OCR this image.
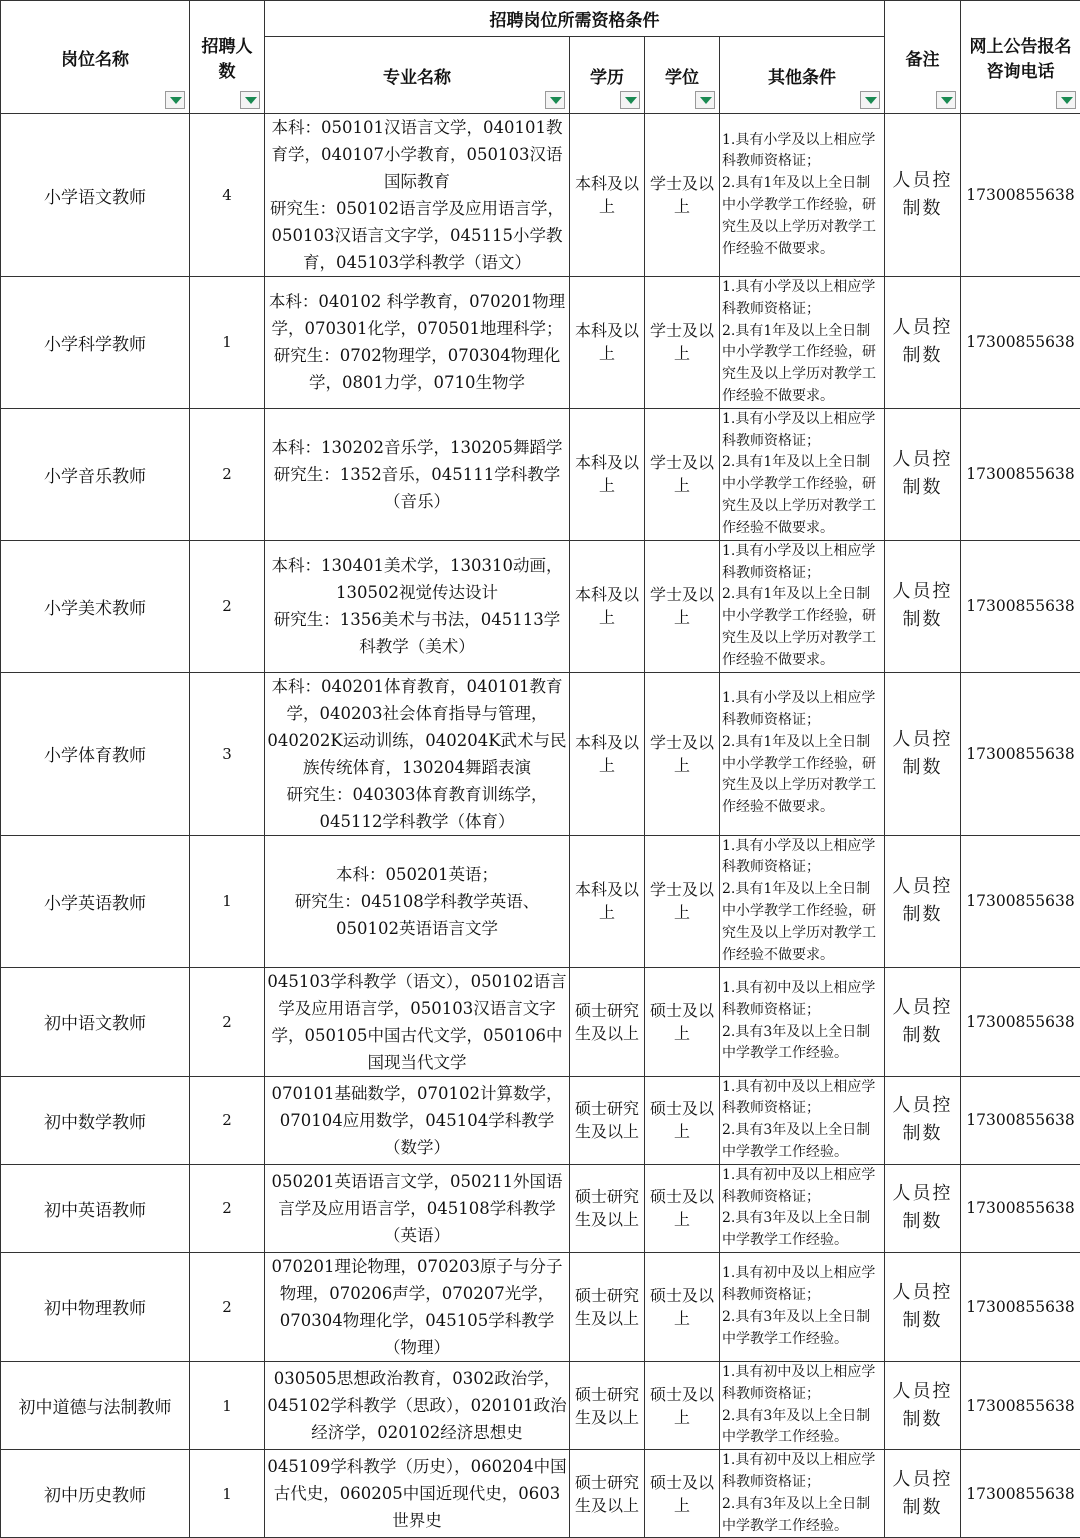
岗位名称	招聘人数	招聘岗位所需资格条件				备注	网上公告报名咨询电话

		专业名称	学历	学位	其他条件		

小学语文教师	4	本科：050101汉语言文学，040101教育学，040107小学教育，050103汉语国际教育
研究生：050102语言学及应用语言学，050103汉语言文字学，045115小学教育，045103学科教学（语文）	本科及以上	学士及以上	1.具有小学及以上相应学科教师资格证；
2.具有1年及以上全日制中小学教学工作经验，研究生及以上学历对教学工作经验不做要求。	人员控制数	17300855638

小学科学教师	1	本科：040102 科学教育，070201物理学，070301化学，070501地理科学；
研究生：0702物理学，070304物理化学，0801力学，0710生物学	本科及以上	学士及以上	1.具有小学及以上相应学科教师资格证；
2.具有1年及以上全日制中小学教学工作经验，研究生及以上学历对教学工作经验不做要求。	人员控制数	17300855638

小学音乐教师	2	本科：130202音乐学，130205舞蹈学
研究生：1352音乐，045111学科教学（音乐）	本科及以上	学士及以上	1.具有小学及以上相应学科教师资格证；
2.具有1年及以上全日制中小学教学工作经验，研究生及以上学历对教学工作经验不做要求。	人员控制数	17300855638

小学美术教师	2	本科：130401美术学，130310动画，130502视觉传达设计
研究生：1356美术与书法，045113学科教学（美术）	本科及以上	学士及以上	1.具有小学及以上相应学科教师资格证；
2.具有1年及以上全日制中小学教学工作经验，研究生及以上学历对教学工作经验不做要求。	人员控制数	17300855638

小学体育教师	3	本科：040201体育教育，040101教育学，040203社会体育指导与管理，040202K运动训练，040204K武术与民族传统体育，130204舞蹈表演
研究生：040303体育教育训练学，045112学科教学（体育）	本科及以上	学士及以上	1.具有小学及以上相应学科教师资格证；
2.具有1年及以上全日制中小学教学工作经验，研究生及以上学历对教学工作经验不做要求。	人员控制数	17300855638

小学英语教师	1	本科：050201英语；
研究生：045108学科教学英语、050102英语语言文学	本科及以上	学士及以上	1.具有小学及以上相应学科教师资格证；
2.具有1年及以上全日制中小学教学工作经验，研究生及以上学历对教学工作经验不做要求。	人员控制数	17300855638

初中语文教师	2	045103学科教学（语文），050102语言学及应用语言学，050103汉语言文字学，050105中国古代文学，050106中国现当代文学	硕士研究生及以上	硕士及以上	1.具有初中及以上相应学科教师资格证；
2.具有3年及以上全日制中学教学工作经验。	人员控制数	17300855638

初中数学教师	2	070101基础数学，070102计算数学，070104应用数学，045104学科教学（数学）	硕士研究生及以上	硕士及以上	1.具有初中及以上相应学科教师资格证；
2.具有3年及以上全日制中学教学工作经验。	人员控制数	17300855638

初中英语教师	2	050201英语语言文学，050211外国语言学及应用语言学，045108学科教学（英语）	硕士研究生及以上	硕士及以上	1.具有初中及以上相应学科教师资格证；
2.具有3年及以上全日制中学教学工作经验。	人员控制数	17300855638

初中物理教师	2	070201理论物理，070203原子与分子物理，070206声学，070207光学，070304物理化学，045105学科教学（物理）	硕士研究生及以上	硕士及以上	1.具有初中及以上相应学科教师资格证；
2.具有3年及以上全日制中学教学工作经验。	人员控制数	17300855638

初中道德与法制教师	1	030505思想政治教育，0302政治学，045102学科教学（思政），020101政治经济学，020102经济思想史	硕士研究生及以上	硕士及以上	1.具有初中及以上相应学科教师资格证；
2.具有3年及以上全日制中学教学工作经验。	人员控制数	17300855638

初中历史教师	1	045109学科教学（历史），060204中国古代史，060205中国近现代史，0603世界史	硕士研究生及以上	硕士及以上	1.具有初中及以上相应学科教师资格证；
2.具有3年及以上全日制中学教学工作经验。	人员控制数	17300855638
